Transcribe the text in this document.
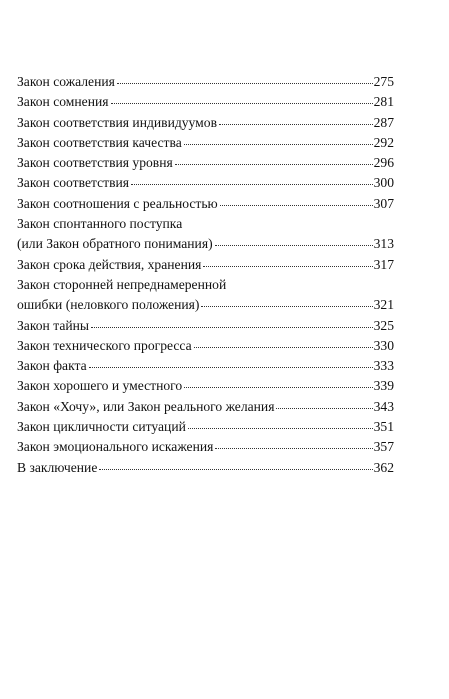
Закон сожаления	275
Закон сомнения	281
Закон соответствия индивидуумов	287
Закон соответствия качества	292
Закон соответствия уровня	296
Закон соответствия	300
Закон соотношения с реальностью	307
Закон спонтанного поступка
(или Закон обратного понимания)	313
Закон срока действия, хранения	317
Закон сторонней непреднамеренной
ошибки (неловкого положения)	321
Закон тайны	325
Закон технического прогресса	330
Закон факта	333
Закон хорошего и уместного	339
Закон «Хочу», или Закон реального желания	343
Закон цикличности ситуаций	351
Закон эмоционального искажения	357
В заключение	362
